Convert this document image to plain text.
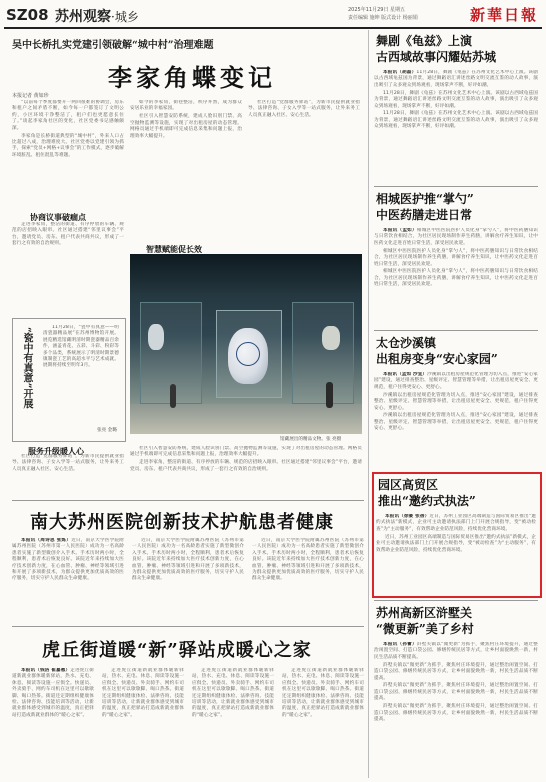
SZ08 苏州观察·城乡	2025年11月29日 星期五
责任编辑 施坤 版式设计 杨丽娟	新華日報
吴中长桥扎实党建引领破解“城中村”治理难题
李家角蝶变记
本报记者 黄如珍

“以前每个季度都要开一两回很难的协调会，房东和租户之间矛盾不断，如今每一户都签订了文明公约，小区环境干净整洁了，租户们也更愿意长住了。”谈起李家角社区的变化，社区党委书记感触颇深。

李家角是长桥街道典型的“城中村”，外来人口占比超过八成，治理难度大。社区党委以党建引领为抓手，探索“党员+网格+议事会”的工作模式，逐步破解环境脏乱、租住混乱等难题。

如今的李家角，街巷整洁，秩序井然，成为群众安居乐业的幸福家园。

社区引入智慧安防系统，建成人脸识别门禁、高空抛物监测等设施，实现了对出租房屋的动态管理。网格员通过手机端即可完成信息采集和问题上报，治理效率大幅提升。

社区打造“党群服务驿站”，为新市民提供就业指导、法律咨询、子女入学等一站式服务，让外来务工人员真正融入社区、安心生活。

协商议事破痼点

走进李家角，整洁的街道、有序停放的车辆、规范的店招映入眼帘。社区通过搭建“邻里议事会”平台，邀请党员、房东、租户代表共商共议，形成了一套行之有效的自治规则。

智慧赋能促长效
馆藏展出的精品文物。张 亮摄
“瓷中有真意”开展	11月28日，“瓷中有真意——明清瓷器精品展”在苏州博物馆开展。展览精选馆藏明清时期瓷器精品百余件，涵盖青花、五彩、斗彩、粉彩等多个品类，系统展示了明清时期景德镇制瓷工艺的高超水平与艺术成就。展期将持续至明年3月。

张亮 金璐
服务升级暖人心

社区打造“党群服务驿站”，为新市民提供就业指导、法律咨询、子女入学等一站式服务，让外来务工人员真正融入社区、安心生活。

社区引入智慧安防系统，建成人脸识别门禁、高空抛物监测等设施，实现了对出租房屋的动态管理。网格员通过手机端即可完成信息采集和问题上报，治理效率大幅提升。

走进李家角，整洁的街道、有序停放的车辆、规范的店招映入眼帘。社区通过搭建“邻里议事会”平台，邀请党员、房东、租户代表共商共议，形成了一套行之有效的自治规则。

南大苏州医院创新技术护航患者健康

本报讯（周诗思 张炼）近日，南京大学医学院附属苏州医院（苏州市第一人民医院）成功为一名高龄患者实施了新型微创介入手术。手术历时两小时，全程顺利，患者术后恢复良好。该院近年来持续加大医疗技术创新力度，在心血管、肿瘤、神经等领域引进和开展了多项新技术，为群众提供更加优质高效的医疗服务，切实守护人民群众生命健康。

近日，南京大学医学院附属苏州医院（苏州市第一人民医院）成功为一名高龄患者实施了新型微创介入手术。手术历时两小时，全程顺利，患者术后恢复良好。该院近年来持续加大医疗技术创新力度，在心血管、肿瘤、神经等领域引进和开展了多项新技术，为群众提供更加优质高效的医疗服务，切实守护人民群众生命健康。

近日，南京大学医学院附属苏州医院（苏州市第一人民医院）成功为一名高龄患者实施了新型微创介入手术。手术历时两小时，全程顺利，患者术后恢复良好。该院近年来持续加大医疗技术创新力度，在心血管、肿瘤、神经等领域引进和开展了多项新技术，为群众提供更加优质高效的医疗服务，切实守护人民群众生命健康。

虎丘街道暖“新”驿站成暖心之家

本报讯（钱洁 崔嘉惠）走进虎丘街道新就业群体暖新驿站，热水、充电、休息、阅读等设施一应俱全。快递员、外卖骑手、网约车司机在这里可以歇歇脚、喝口热茶。街道还定期组织健康体检、法律咨询、技能培训等活动，让新就业群体感受到城市的温度，真正把驿站打造成新就业群体的“暖心之家”。

走进虎丘街道新就业群体暖新驿站，热水、充电、休息、阅读等设施一应俱全。快递员、外卖骑手、网约车司机在这里可以歇歇脚、喝口热茶。街道还定期组织健康体检、法律咨询、技能培训等活动，让新就业群体感受到城市的温度，真正把驿站打造成新就业群体的“暖心之家”。

走进虎丘街道新就业群体暖新驿站，热水、充电、休息、阅读等设施一应俱全。快递员、外卖骑手、网约车司机在这里可以歇歇脚、喝口热茶。街道还定期组织健康体检、法律咨询、技能培训等活动，让新就业群体感受到城市的温度，真正把驿站打造成新就业群体的“暖心之家”。

走进虎丘街道新就业群体暖新驿站，热水、充电、休息、阅读等设施一应俱全。快递员、外卖骑手、网约车司机在这里可以歇歇脚、喝口热茶。街道还定期组织健康体检、法律咨询、技能培训等活动，让新就业群体感受到城市的温度，真正把驿站打造成新就业群体的“暖心之家”。

舞剧《龟兹》上演
古西域故事闪耀姑苏城

本报讯（胡磊）11月28日，舞剧《龟兹》在苏州文化艺术中心上演。该剧以古西域龟兹国为背景，通过舞蹈语汇讲述丝路文明交流互鉴的动人故事，演出吸引了众多观众到场观看，现场掌声不断，好评如潮。

11月28日，舞剧《龟兹》在苏州文化艺术中心上演。该剧以古西域龟兹国为背景，通过舞蹈语汇讲述丝路文明交流互鉴的动人故事，演出吸引了众多观众到场观看，现场掌声不断，好评如潮。

11月28日，舞剧《龟兹》在苏州文化艺术中心上演。该剧以古西域龟兹国为背景，通过舞蹈语汇讲述丝路文明交流互鉴的动人故事，演出吸引了众多观众到场观看，现场掌声不断，好评如潮。

相城医护推“掌勺”
中医药膳走进日常

本报讯（孟如）相城区中医医院医护人员化身“掌勺人”，将中医药膳知识与日常饮食相结合，为社区居民现场制作养生药膳，讲解食疗养生知识，让中医药文化走进百姓日常生活，深受居民欢迎。

相城区中医医院医护人员化身“掌勺人”，将中医药膳知识与日常饮食相结合，为社区居民现场制作养生药膳，讲解食疗养生知识，让中医药文化走进百姓日常生活，深受居民欢迎。

相城区中医医院医护人员化身“掌勺人”，将中医药膳知识与日常饮食相结合，为社区居民现场制作养生药膳，讲解食疗养生知识，让中医药文化走进百姓日常生活，深受居民欢迎。

太仓沙溪镇
出租房变身“安心家园”

本报讯（孟如 沙宣）沙溪镇以出租房屋规范化管理为切入点，推进“安心家园”建设，通过排查整治、星级评定、智慧管理等举措，让出租房屋更安全、更规范，租户住得更安心、更舒心。

沙溪镇以出租房屋规范化管理为切入点，推进“安心家园”建设，通过排查整治、星级评定、智慧管理等举措，让出租房屋更安全、更规范，租户住得更安心、更舒心。

沙溪镇以出租房屋规范化管理为切入点，推进“安心家园”建设，通过排查整治、星级评定、智慧管理等举措，让出租房屋更安全、更规范，租户住得更安心、更舒心。

园区高贸区
推出“邀约式执法”

本报讯（徐豪 张蓓）近日，苏州工业园区高端制造与国际贸易区推出“邀约式执法”新模式，企业可主动邀请执法部门上门开展合规指导，变“被动检查”为“主动服务”，有效帮助企业防范风险，持续优化营商环境。

近日，苏州工业园区高端制造与国际贸易区推出“邀约式执法”新模式，企业可主动邀请执法部门上门开展合规指导，变“被动检查”为“主动服务”，有效帮助企业防范风险，持续优化营商环境。

苏州高新区浒墅关
“微更新”美了乡村

本报讯（孙蕾）浒墅关镇以“微更新”为抓手，聚焦村庄环境提升，通过整治闲置空间、打造口袋公园、修缮传统民居等方式，让乡村面貌焕然一新，村民生活品质不断提高。

浒墅关镇以“微更新”为抓手，聚焦村庄环境提升，通过整治闲置空间、打造口袋公园、修缮传统民居等方式，让乡村面貌焕然一新，村民生活品质不断提高。

浒墅关镇以“微更新”为抓手，聚焦村庄环境提升，通过整治闲置空间、打造口袋公园、修缮传统民居等方式，让乡村面貌焕然一新，村民生活品质不断提高。

浒墅关镇以“微更新”为抓手，聚焦村庄环境提升，通过整治闲置空间、打造口袋公园、修缮传统民居等方式，让乡村面貌焕然一新，村民生活品质不断提高。
